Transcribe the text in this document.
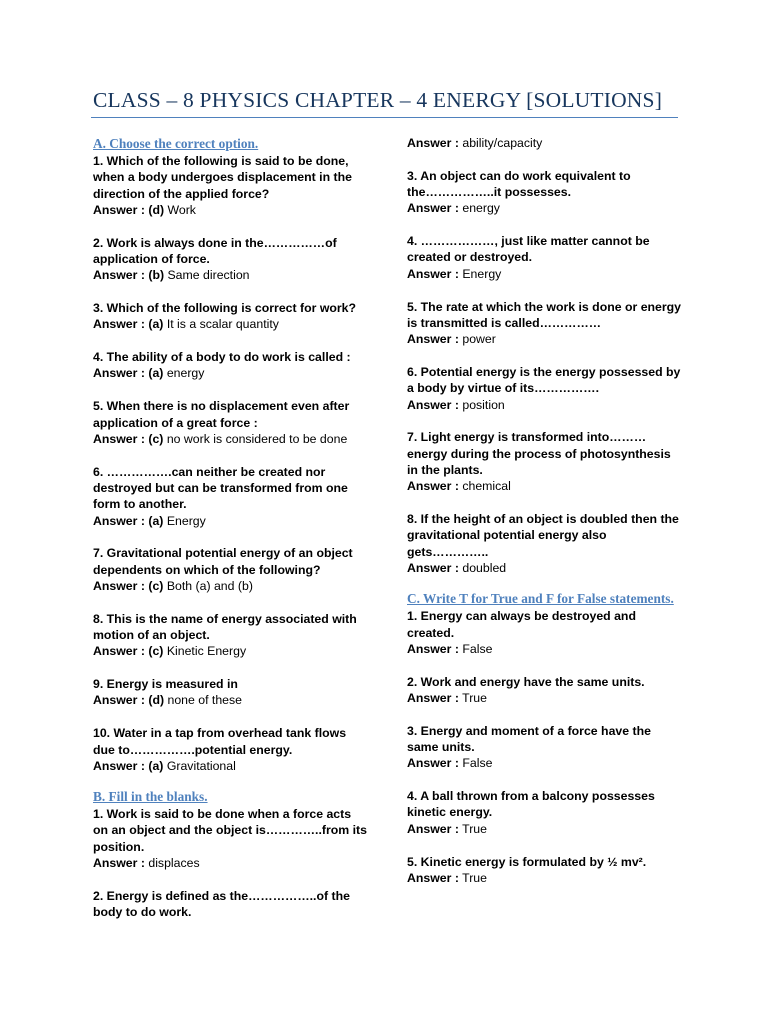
CLASS – 8 PHYSICS CHAPTER – 4 ENERGY [SOLUTIONS]
A. Choose the correct option.
1. Which of the following is said to be done, when a body undergoes displacement in the direction of the applied force?
Answer : (d) Work
2. Work is always done in the……………of application of force.
Answer : (b) Same direction
3. Which of the following is correct for work?
Answer : (a) It is a scalar quantity
4. The ability of a body to do work is called :
Answer : (a) energy
5. When there is no displacement even after application of a great force :
Answer : (c) no work is considered to be done
6. …………….can neither be created nor destroyed but can be transformed from one form to another.
Answer : (a) Energy
7. Gravitational potential energy of an object dependents on which of the following?
Answer : (c) Both (a) and (b)
8. This is the name of energy associated with motion of an object.
Answer : (c) Kinetic Energy
9. Energy is measured in
Answer : (d) none of these
10. Water in a tap from overhead tank flows due to…………….potential energy.
Answer : (a) Gravitational
B. Fill in the blanks.
1. Work is said to be done when a force acts on an object and the object is…………..from its position.
Answer : displaces
2. Energy is defined as the……………..of the body to do work.
Answer : ability/capacity
3. An object can do work equivalent to the……………..it possesses.
Answer : energy
4. ………………, just like matter cannot be created or destroyed.
Answer : Energy
5. The rate at which the work is done or energy is transmitted is called……………
Answer : power
6. Potential energy is the energy possessed by a body by virtue of its…………….
Answer : position
7. Light energy is transformed into………energy during the process of photosynthesis in the plants.
Answer : chemical
8. If the height of an object is doubled then the gravitational potential energy also gets…………..
Answer : doubled
C. Write T for True and F for False statements.
1. Energy can always be destroyed and created.
Answer : False
2. Work and energy have the same units.
Answer : True
3. Energy and moment of a force have the same units.
Answer : False
4. A ball thrown from a balcony possesses kinetic energy.
Answer : True
5. Kinetic energy is formulated by ½ mv².
Answer : True
